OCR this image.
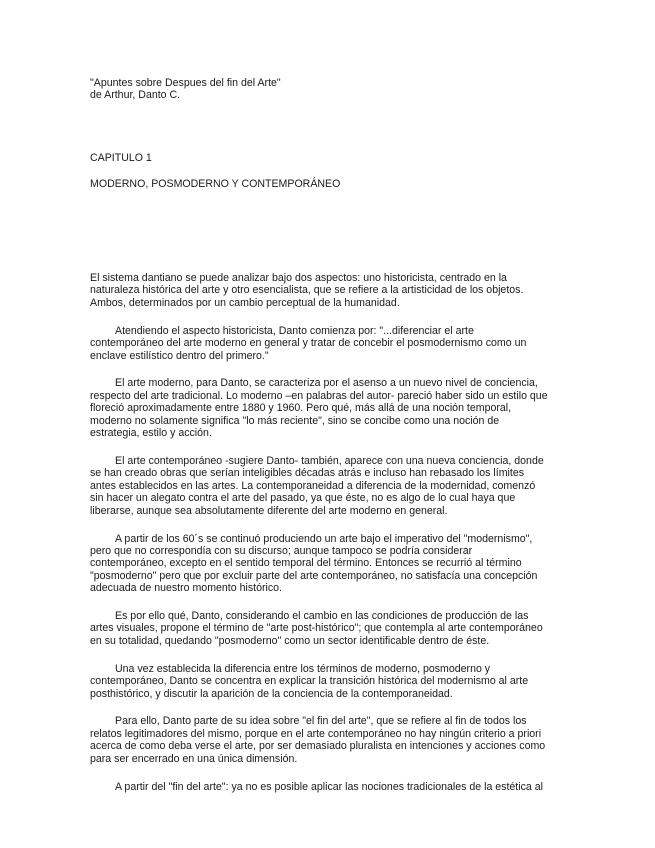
"Apuntes sobre Despues del fin del Arte"
de Arthur, Danto C.
CAPITULO 1
MODERNO, POSMODERNO Y CONTEMPORÁNEO

El sistema dantiano se puede analizar bajo dos aspectos: uno historicista, centrado en la naturaleza histórica del arte y otro esencialista, que se refiere a la artisticidad de los objetos. Ambos, determinados por un cambio perceptual de la humanidad.

Atendiendo el aspecto historicista, Danto comienza por: "...diferenciar el arte contemporáneo del arte moderno en general y tratar de concebir el posmodernismo como un enclave estilístico dentro del primero."

El arte moderno, para Danto, se caracteriza por el asenso a un nuevo nivel de conciencia, respecto del arte tradicional. Lo moderno –en palabras del autor- pareció haber sido un estilo que floreció aproximadamente entre 1880 y 1960. Pero qué, más allá de una noción temporal, moderno no solamente significa "lo más reciente", sino se concibe como una noción de estrategia, estilo y acción.

El arte contemporáneo -sugiere Danto- también, aparece con una nueva conciencia, donde se han creado obras que serían inteligibles décadas atrás e incluso han rebasado los límites antes establecidos en las artes. La contemporaneidad a diferencia de la modernidad, comenzó sin hacer un alegato contra el arte del pasado, ya que éste, no es algo de lo cual haya que liberarse, aunque sea absolutamente diferente del arte moderno en general.

A partir de los 60´s se continuó produciendo un arte bajo el imperativo del "modernismo", pero que no correspondía con su discurso; aunque tampoco se podría considerar contemporáneo, excepto en el sentido temporal del término. Entonces se recurrió al término "posmoderno" pero que por excluir parte del arte contemporáneo, no satisfacía una concepción adecuada de nuestro momento histórico.

Es por ello qué, Danto, considerando el cambio en las condiciones de producción de las artes visuales, propone el término de "arte post-histórico"; que contempla al arte contemporáneo en su totalidad, quedando "posmoderno" como un sector identificable dentro de éste.

Una vez establecida la diferencia entre los términos de moderno, posmoderno y contemporáneo, Danto se concentra en explicar la transición histórica del modernismo al arte posthistórico, y discutir la aparición de la conciencia de la contemporaneidad.

Para ello, Danto parte de su idea sobre "el fin del arte", que se refiere al fin de todos los relatos legitimadores del mismo, porque en el arte contemporáneo no hay ningún criterio a priori acerca de como deba verse el arte, por ser demasiado pluralista en intenciones y acciones como para ser encerrado en una única dimensión.

A partir del "fin del arte": ya no es posible aplicar las nociones tradicionales de la estética al
